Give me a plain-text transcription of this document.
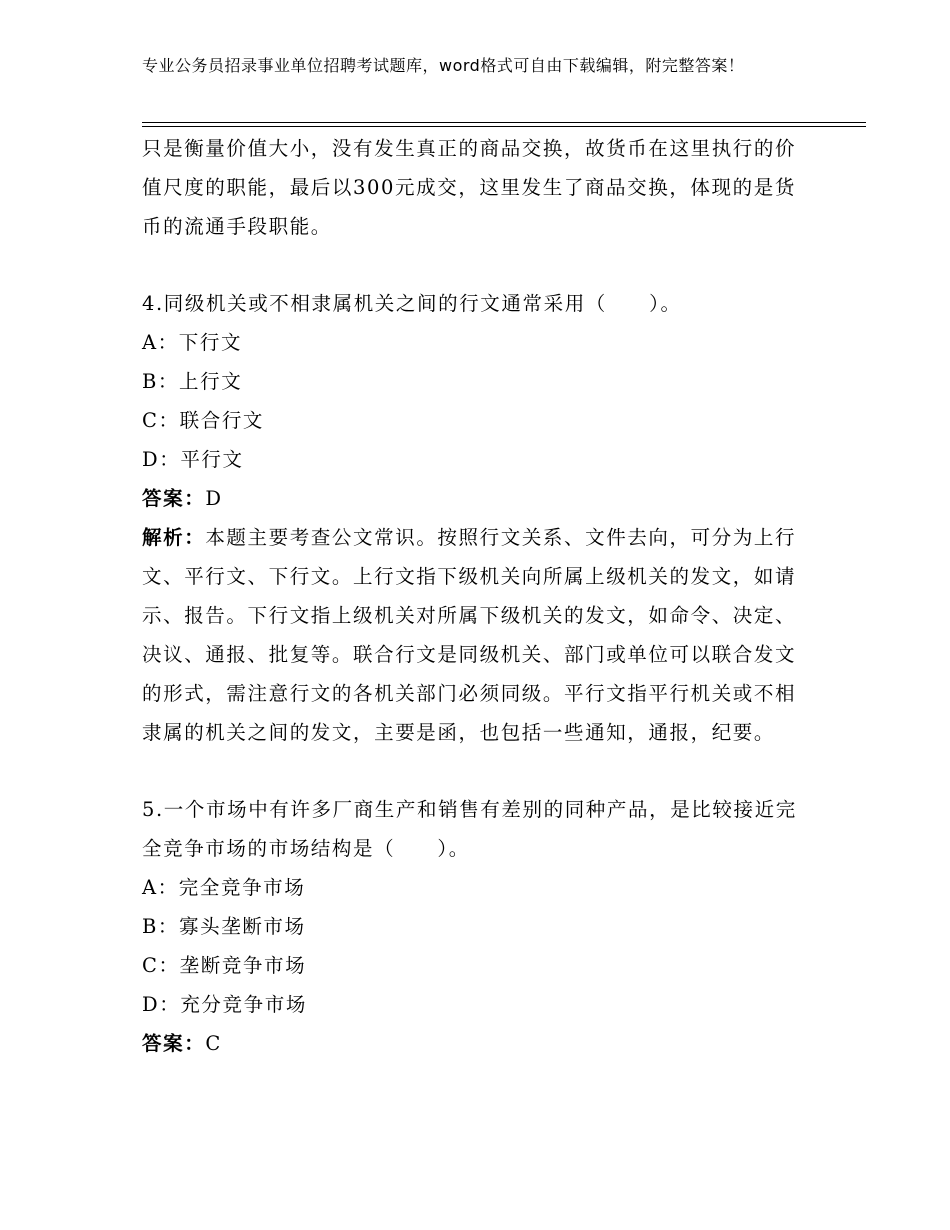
专业公务员招录事业单位招聘考试题库，word格式可自由下载编辑，附完整答案！

只是衡量价值大小，没有发生真正的商品交换，故货币在这里执行的价值尺度的职能，最后以300元成交，这里发生了商品交换，体现的是货币的流通手段职能。

4.同级机关或不相隶属机关之间的行文通常采用（　　）。

A：下行文

B：上行文

C：联合行文

D：平行文

答案：D

解析：本题主要考查公文常识。按照行文关系、文件去向，可分为上行文、平行文、下行文。上行文指下级机关向所属上级机关的发文，如请示、报告。下行文指上级机关对所属下级机关的发文，如命令、决定、决议、通报、批复等。联合行文是同级机关、部门或单位可以联合发文的形式，需注意行文的各机关部门必须同级。平行文指平行机关或不相隶属的机关之间的发文，主要是函，也包括一些通知，通报，纪要。

5.一个市场中有许多厂商生产和销售有差别的同种产品，是比较接近完全竞争市场的市场结构是（　　）。

A：完全竞争市场

B：寡头垄断市场

C：垄断竞争市场

D：充分竞争市场

答案：C
